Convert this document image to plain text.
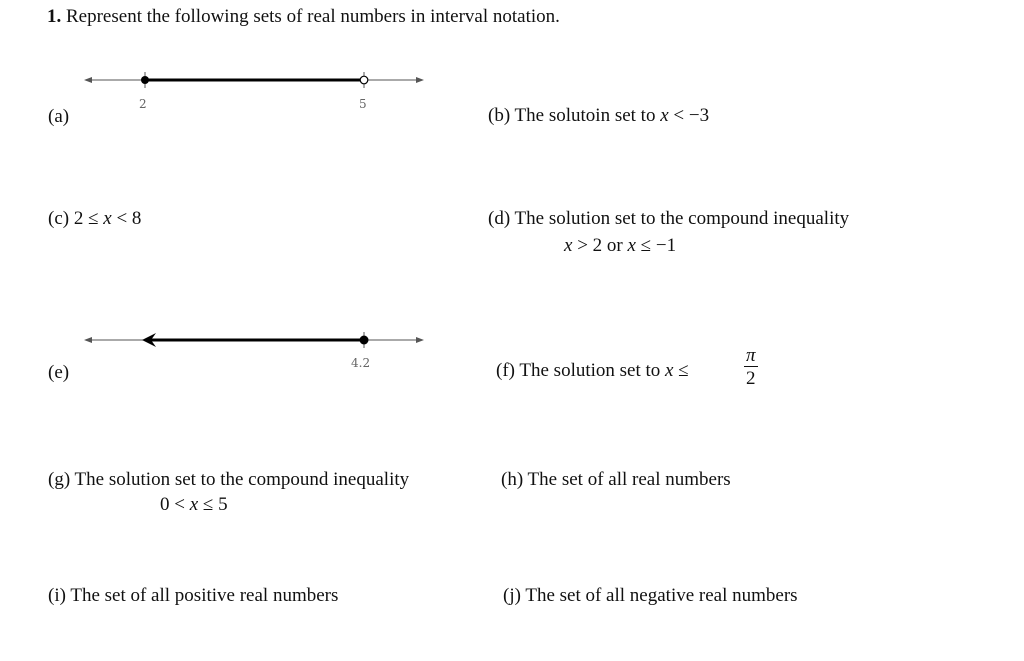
1. Represent the following sets of real numbers in interval notation.
2	5
(a)	(b) The solutoin set to x < −3
(c) 2 ≤ x < 8	(d) The solution set to the compound inequality
x > 2 or x ≤ −1
4.2
(e)	(f) The solution set to x ≤
π
2
(g) The solution set to the compound inequality
0 < x ≤ 5
(h) The set of all real numbers
(i) The set of all positive real numbers	(j) The set of all negative real numbers
